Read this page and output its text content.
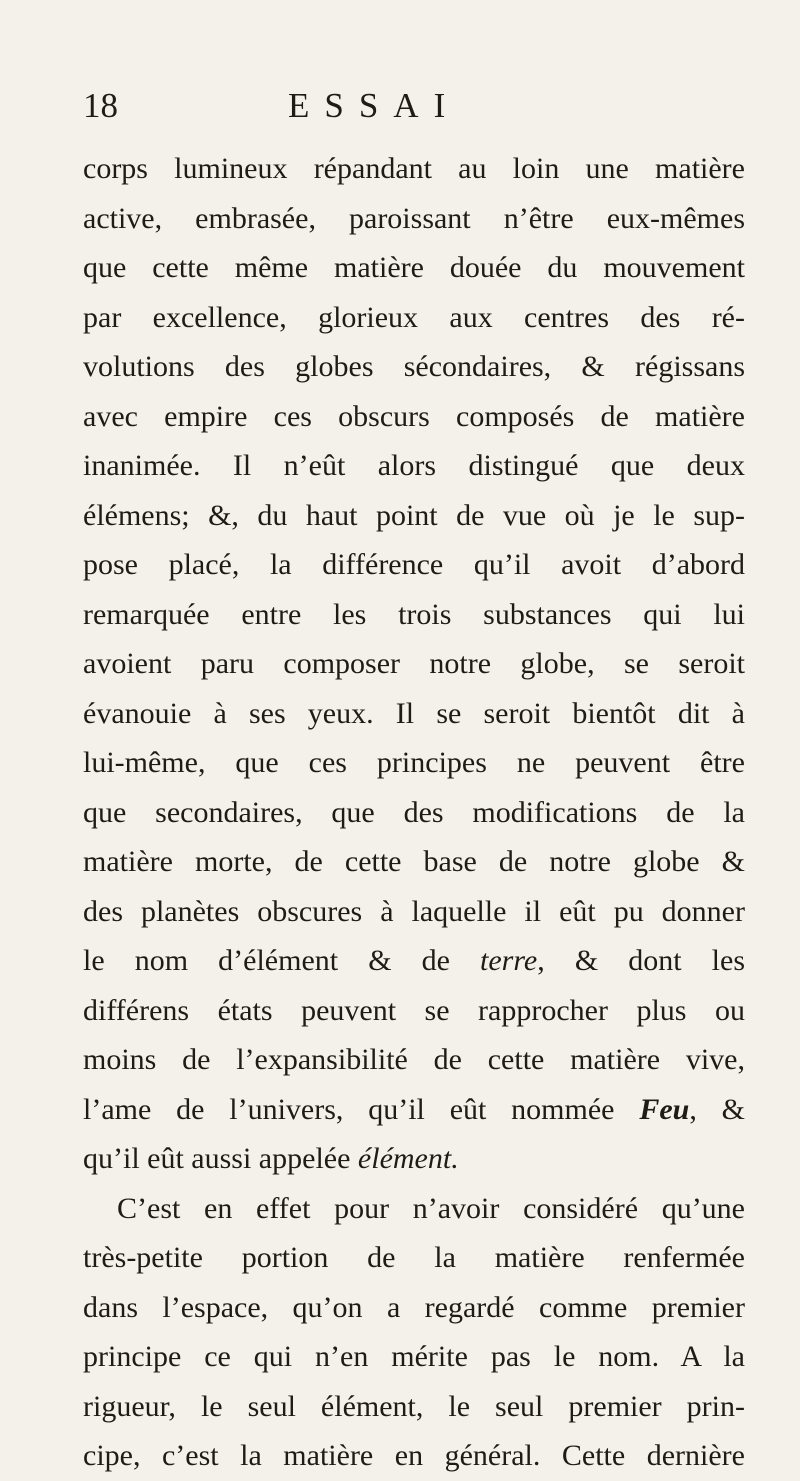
18	ESSAI
corps lumineux répandant au loin une matière
active, embrasée, paroissant n’être eux-mêmes
que cette même matière douée du mouvement
par excellence, glorieux aux centres des ré-
volutions des globes sécondaires, & régissans
avec empire ces obscurs composés de matière
inanimée. Il n’eût alors distingué que deux
élémens; &, du haut point de vue où je le sup-
pose placé, la différence qu’il avoit d’abord
remarquée entre les trois substances qui lui
avoient paru composer notre globe, se seroit
évanouie à ses yeux. Il se seroit bientôt dit à
lui-même, que ces principes ne peuvent être
que secondaires, que des modifications de la
matière morte, de cette base de notre globe &
des planètes obscures à laquelle il eût pu donner
le nom d’élément & de terre, & dont les
différens états peuvent se rapprocher plus ou
moins de l’expansibilité de cette matière vive,
l’ame de l’univers, qu’il eût nommée Feu, &
qu’il eût aussi appelée élément.
C’est en effet pour n’avoir considéré qu’une
très-petite portion de la matière renfermée
dans l’espace, qu’on a regardé comme premier
principe ce qui n’en mérite pas le nom. A la
rigueur, le seul élément, le seul premier prin-
cipe, c’est la matière en général. Cette dernière
